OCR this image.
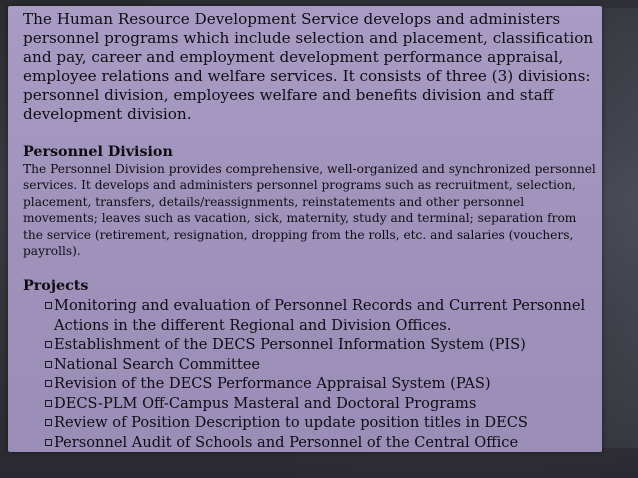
The Human Resource Development Service develops and administers personnel programs which include selection and placement, classification and pay, career and employment development performance appraisal, employee relations and welfare services. It consists of three (3) divisions: personnel division, employees welfare and benefits division and staff development division.

Personnel Division

The Personnel Division provides comprehensive, well-organized and synchronized personnel services. It develops and administers personnel programs such as recruitment, selection, placement, transfers, details/reassignments, reinstatements and other personnel movements; leaves such as vacation, sick, maternity, study and terminal; separation from the service (retirement, resignation, dropping from the rolls, etc. and salaries (vouchers, payrolls).

Projects

Monitoring and evaluation of Personnel Records and Current Personnel Actions in the different Regional and Division Offices.
Establishment of the DECS Personnel Information System (PIS)
National Search Committee
Revision of the DECS Performance Appraisal System (PAS)
DECS-PLM Off-Campus Masteral and Doctoral Programs
Review of Position Description to update position titles in DECS
Personnel Audit of Schools and Personnel of the Central Office
